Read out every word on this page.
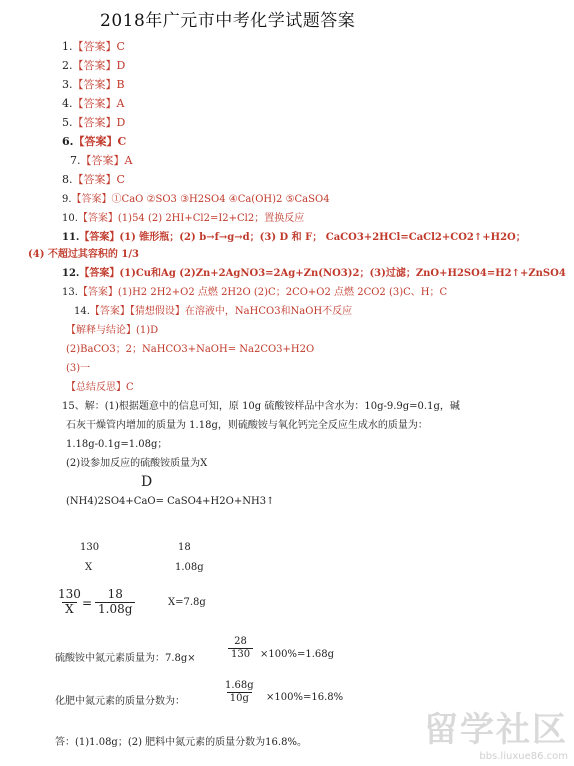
2018年广元市中考化学试题答案
1.【答案】C
2.【答案】D
3.【答案】B
4.【答案】A
5.【答案】D
6.【答案】C
7.【答案】A
8.【答案】C
9.【答案】①CaO ②SO3 ③H2SO4 ④Ca(OH)2 ⑤CaSO4
10.【答案】(1)54 (2) 2HI+Cl2=I2+Cl2；置换反应
11.【答案】(1) 锥形瓶；(2) b→f→g→d；(3) D 和 F； CaCO3+2HCl=CaCl2+CO2↑+H2O；
(4) 不超过其容积的 1/3
12.【答案】(1)Cu和Ag (2)Zn+2AgNO3=2Ag+Zn(NO3)2；(3)过滤；ZnO+H2SO4=H2↑+ZnSO4
13.【答案】(1)H2 2H2+O2 点燃 2H2O (2)C；2CO+O2 点燃 2CO2 (3)C、H；C
14.【答案】【猜想假设】在溶液中，NaHCO3和NaOH不反应
【解释与结论】(1)D
(2)BaCO3；2；NaHCO3+NaOH= Na2CO3+H2O
(3)一
【总结反思】C
15、解：(1)根据题意中的信息可知，原 10g 硫酸铵样品中含水为：10g-9.9g=0.1g，碱
石灰干燥管内增加的质量为 1.18g，则硫酸铵与氧化钙完全反应生成水的质量为：
1.18g-0.1g=1.08g；
(2)设参加反应的硫酸铵质量为X
D
(NH4)2SO4+CaO= CaSO4+H2O+NH3↑
130	18
X	1.08g
$\frac{130}{X}$
= $\frac{18}{1.08g}$	X=7.8g
硫酸铵中氮元素质量为：7.8g×	$\frac{28}{130} \times 100\%=1.68g$
化肥中氮元素的质量分数为：	$\frac{1.68g}{10g} \times 100\%=16.8\%$
答：(1)1.08g；(2) 肥料中氮元素的质量分数为16.8%。	留学社区
bbs.liuxue86.com
